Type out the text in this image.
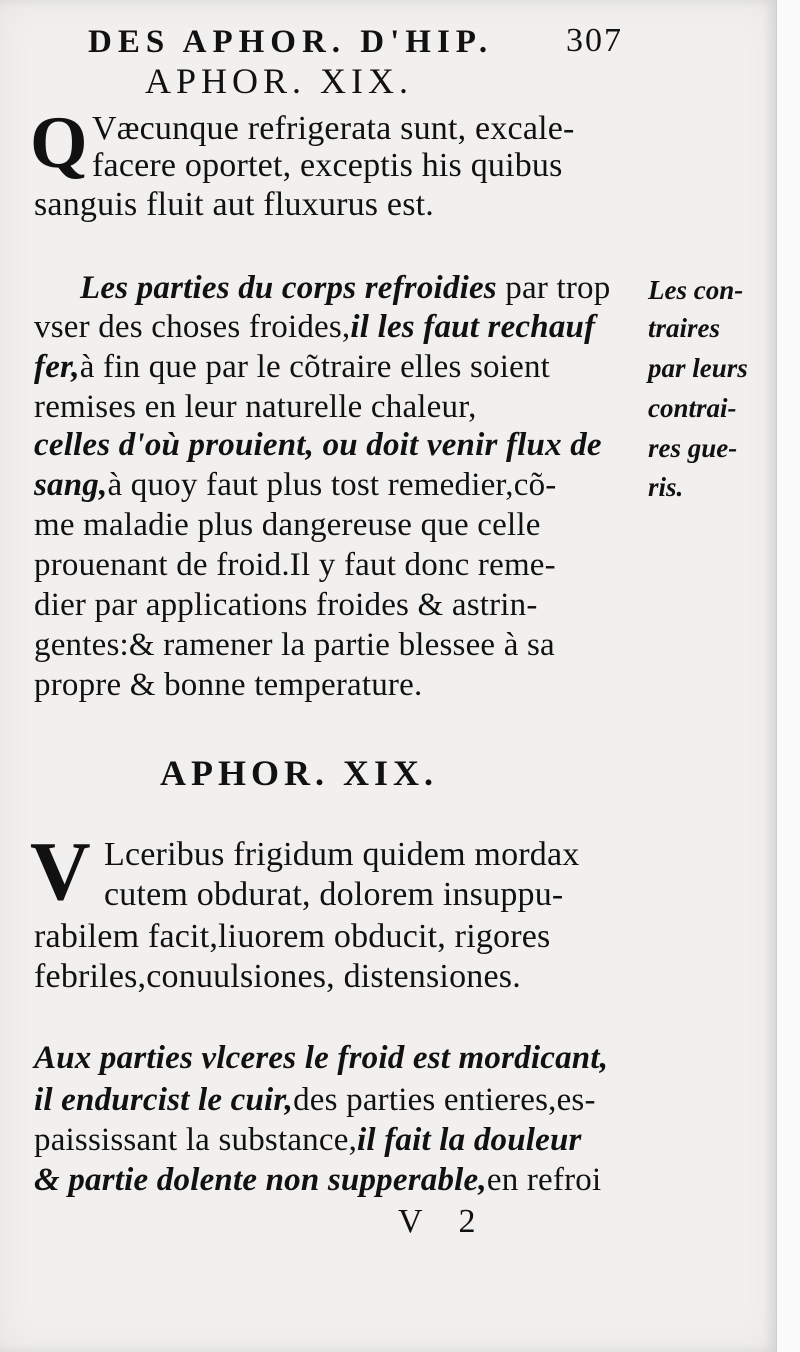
DES APHOR. D'HIP. 307
APHOR. XIX.
Q Væcunque refrigerata sunt, excale-
facere oportet, exceptis his quibus
sanguis fluit aut fluxurus est.
Les parties du corps refroidies par trop
vser des choses froides,il les faut rechauf
fer,à fin que par le cõtraire elles soient
remises en leur naturelle chaleur,
celles d'où prouient, ou doit venir flux de
sang,à quoy faut plus tost remedier,cõ-
me maladie plus dangereuse que celle
prouenant de froid.Il y faut donc reme-
dier par applications froides & astrin-
gentes:& ramener la partie blessee à sa
propre & bonne temperature.
Les con-
traires
par leurs
contrai-
res gue-
ris.
APHOR. XIX.
V Lceribus frigidum quidem mordax
cutem obdurat, dolorem insuppu-
rabilem facit,liuorem obducit, rigores
febriles,conuulsiones, distensiones.
Aux parties vlceres le froid est mordicant,
il endurcist le cuir,des parties entieres,es-
paississant la substance,il fait la douleur
& partie dolente non supperable,en refroi
V 2
